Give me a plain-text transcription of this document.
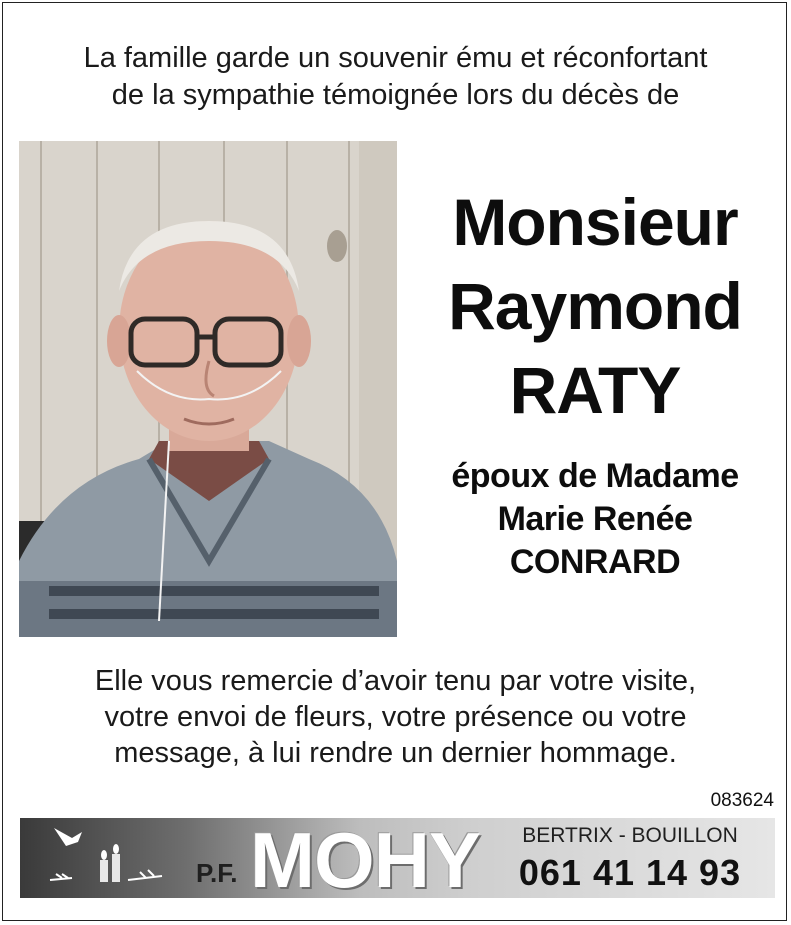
La famille garde un souvenir ému et réconfortant
de la sympathie témoignée lors du décès de
Monsieur
Raymond
RATY
époux de Madame
Marie Renée
CONRARD
Elle vous remercie d’avoir tenu par votre visite,
votre envoi de fleurs, votre présence ou votre
message, à lui rendre un dernier hommage.
083624
P.F. MOHY	BERTRIX - BOUILLON
061 41 14 93
